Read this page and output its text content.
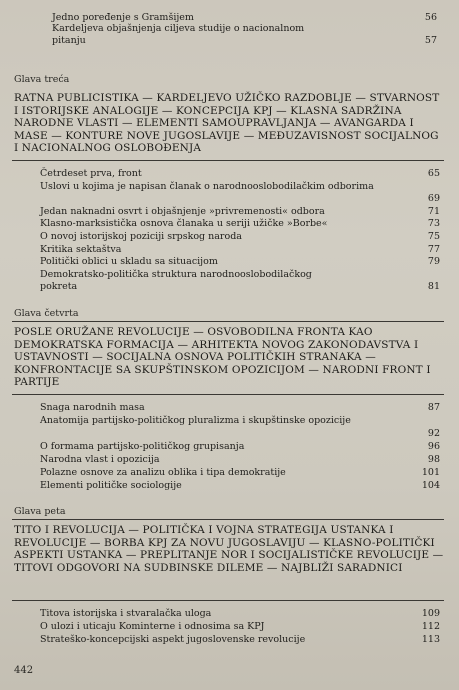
Jedno poređenje s Gramšijem	56
Kardeljeva objašnjenja ciljeva studije o nacionalnom pitanju	57
Glava treća
RATNA PUBLICISTIKA — KARDELJEVO UŽIČKO RAZDOBLJE — STVARNOST I ISTORIJSKE ANALOGIJE — KONCEPCIJA KPJ — KLASNA SADRŽINA NARODNE VLASTI — ELEMENTI SAMOUPRAVLJANJA — AVANGARDA I MASE — KONTURE NOVE JUGOSLAVIJE — MEĐUZAVISNOST SOCIJALNOG I NACIONALNOG OSLOBOĐENJA
Četrdeset prva, front	65
Uslovi u kojima je napisan članak o narodnooslobodilačkim odborima
69
Jedan naknadni osvrt i objašnjenje »privremenosti« odbora	71
Klasno-marksistička osnova članaka u seriji užičke »Borbe«	73
O novoj istorijskoj poziciji srpskog naroda	75
Kritika sektaštva	77
Politički oblici u skladu sa situacijom	79
Demokratsko-politička struktura narodnooslobodilačkog pokreta	81
Glava četvrta
POSLE ORUŽANE REVOLUCIJE — OSVOBODILNA FRONTA KAO DEMOKRATSKA FORMACIJA — ARHITEKTA NOVOG ZAKONODAVSTVA I USTAVNOSTI — SOCIJALNA OSNOVA POLITIČKIH STRANAKA — KONFRONTACIJE SA SKUPŠTINSKOM OPOZICIJOM — NARODNI FRONT I PARTIJE
Snaga narodnih masa	87
Anatomija partijsko-političkog pluralizma i skupštinske opozicije
92
O formama partijsko-političkog grupisanja	96
Narodna vlast i opozicija	98
Polazne osnove za analizu oblika i tipa demokratije	101
Elementi političke sociologije	104
Glava peta
TITO I REVOLUCIJA — POLITIČKA I VOJNA STRATEGIJA USTANKA I REVOLUCIJE — BORBA KPJ ZA NOVU JUGOSLAVIJU — KLASNO-POLITIČKI ASPEKTI USTANKA — PREPLITANJE NOR I SOCIJALISTIČKE REVOLUCIJE — TITOVI ODGOVORI NA SUDBINSKE DILEME — NAJBLIŽI SARADNICI
Titova istorijska i stvaralačka uloga	109
O ulozi i uticaju Kominterne i odnosima sa KPJ	112
Strateško-koncepcijski aspekt jugoslovenske revolucije	113
442
